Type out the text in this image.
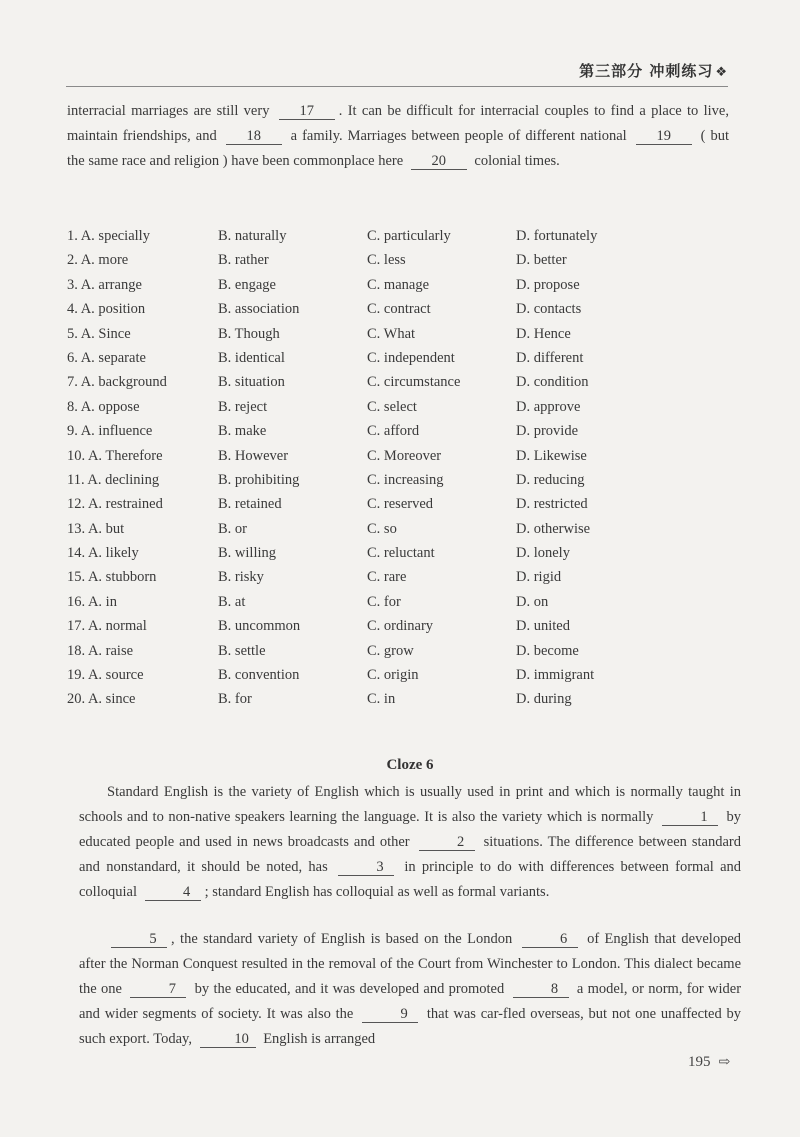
第三部分 冲刺练习 ❖
interracial marriages are still very 17 . It can be difficult for interracial couples to find a place to live, maintain friendships, and 18 a family. Marriages between people of different national 19 ( but the same race and religion ) have been commonplace here 20 colonial times.
1. A. specially	B. naturally	C. particularly	D. fortunately
2. A. more	B. rather	C. less	D. better
3. A. arrange	B. engage	C. manage	D. propose
4. A. position	B. association	C. contract	D. contacts
5. A. Since	B. Though	C. What	D. Hence
6. A. separate	B. identical	C. independent	D. different
7. A. background	B. situation	C. circumstance	D. condition
8. A. oppose	B. reject	C. select	D. approve
9. A. influence	B. make	C. afford	D. provide
10. A. Therefore	B. However	C. Moreover	D. Likewise
11. A. declining	B. prohibiting	C. increasing	D. reducing
12. A. restrained	B. retained	C. reserved	D. restricted
13. A. but	B. or	C. so	D. otherwise
14. A. likely	B. willing	C. reluctant	D. lonely
15. A. stubborn	B. risky	C. rare	D. rigid
16. A. in	B. at	C. for	D. on
17. A. normal	B. uncommon	C. ordinary	D. united
18. A. raise	B. settle	C. grow	D. become
19. A. source	B. convention	C. origin	D. immigrant
20. A. since	B. for	C. in	D. during
Cloze 6
Standard English is the variety of English which is usually used in print and which is normally taught in schools and to non-native speakers learning the language. It is also the variety which is normally	1 by educated people and used in news broadcasts and other	2 situations. The difference between standard and nonstandard, it should be noted, has	3 in principle to do with differences between formal and colloquial	4 ; standard English has colloquial as well as formal variants.
5 , the standard variety of English is based on the London	6 of English that developed after the Norman Conquest resulted in the removal of the Court from Winchester to London. This dialect became the one	7 by the educated, and it was developed and promoted	8 a model, or norm, for wider and wider segments of society. It was also the	9 that was car-fled overseas, but not one unaffected by such export. Today,	10 English is arranged
195 ⇨
